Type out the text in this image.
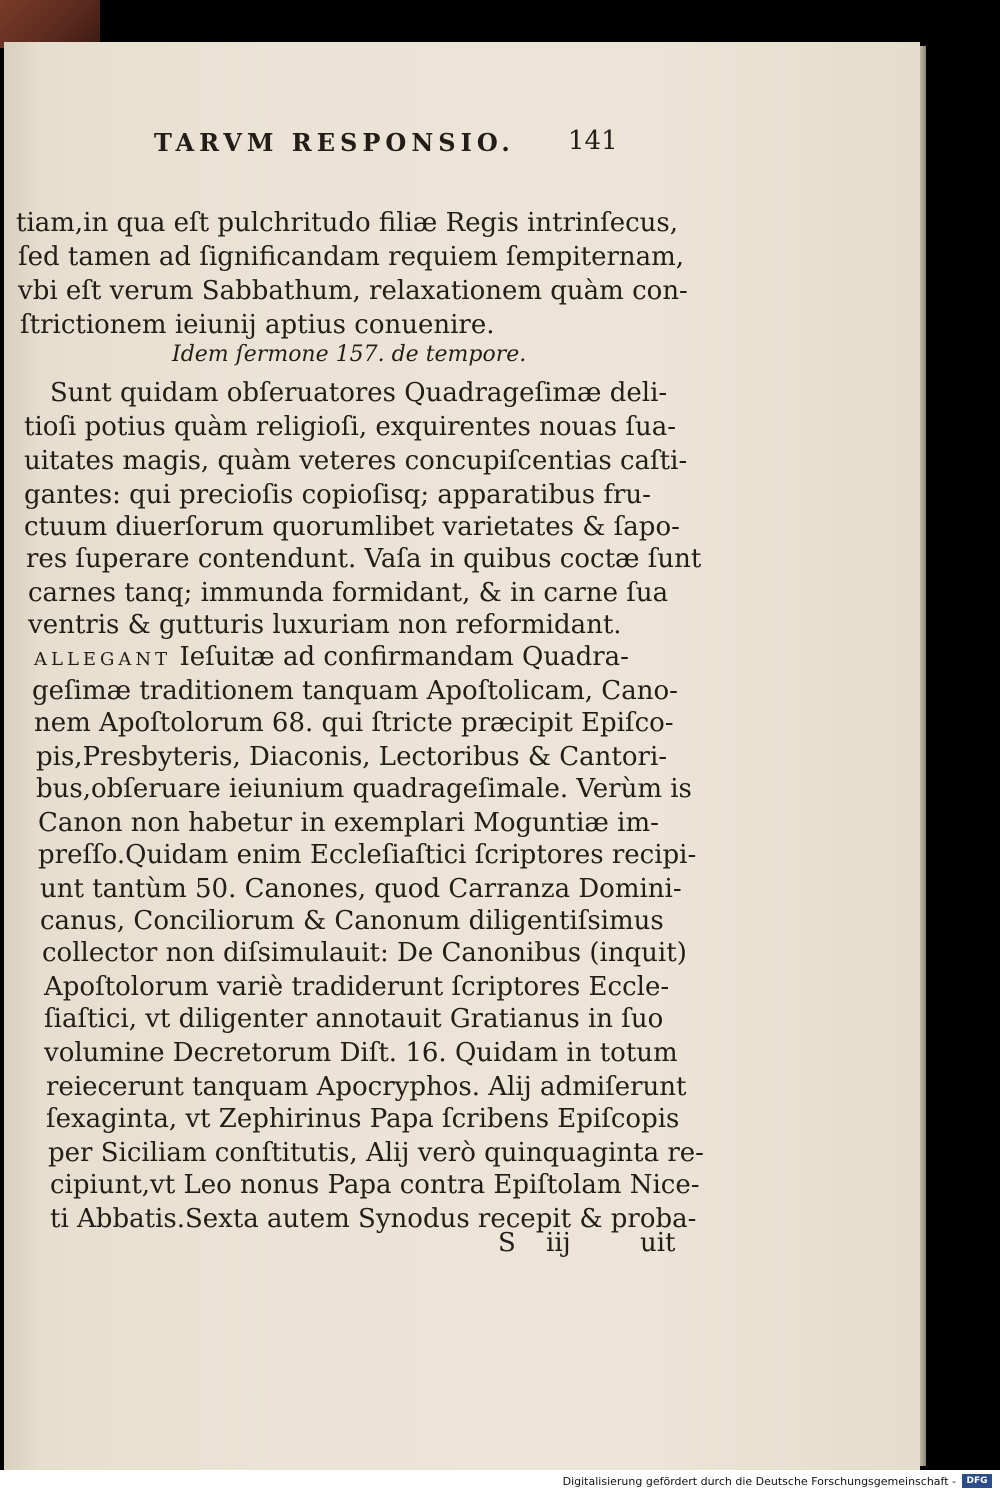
TARVM RESPONSIO. 141
tiam,in qua eſt pulchritudo filiæ Regis intrinſecus,
ſed tamen ad ſignificandam requiem ſempiternam,
vbi eſt verum Sabbathum, relaxationem quàm con-
ſtrictionem ieiunij aptius conuenire.
Idem ſermone 157. de tempore.
Sunt quidam obſeruatores Quadrageſimæ deli-
tioſi potius quàm religioſi, exquirentes nouas ſua-
uitates magis, quàm veteres concupiſcentias caſti-
gantes: qui precioſis copioſisq; apparatibus fru-
ctuum diuerſorum quorumlibet varietates & ſapo-
res ſuperare contendunt. Vaſa in quibus coctæ ſunt
carnes tanq; immunda formidant, & in carne ſua
ventris & gutturis luxuriam non reformidant.
ALLEGANT Ieſuitæ ad confirmandam Quadra-
geſimæ traditionem tanquam Apoſtolicam, Cano-
nem Apoſtolorum 68. qui ſtricte præcipit Epiſco-
pis,Presbyteris, Diaconis, Lectoribus & Cantori-
bus,obſeruare ieiunium quadrageſimale. Verùm is
Canon non habetur in exemplari Moguntiæ im-
preſſo.Quidam enim Eccleſiaſtici ſcriptores recipi-
unt tantùm 50. Canones, quod Carranza Domini-
canus, Conciliorum & Canonum diligentiſsimus
collector non diſsimulauit: De Canonibus (inquit)
Apoſtolorum variè tradiderunt ſcriptores Eccle-
ſiaſtici, vt diligenter annotauit Gratianus in ſuo
volumine Decretorum Diſt. 16. Quidam in totum
reiecerunt tanquam Apocryphos. Alij admiſerunt
ſexaginta, vt Zephirinus Papa ſcribens Epiſcopis
per Siciliam conſtitutis, Alij verò quinquaginta re-
cipiunt,vt Leo nonus Papa contra Epiſtolam Nice-
ti Abbatis.Sexta autem Synodus recepit & proba-
S iij	uit
Digitalisierung gefördert durch die Deutsche Forschungsgemeinschaft -	DFG
